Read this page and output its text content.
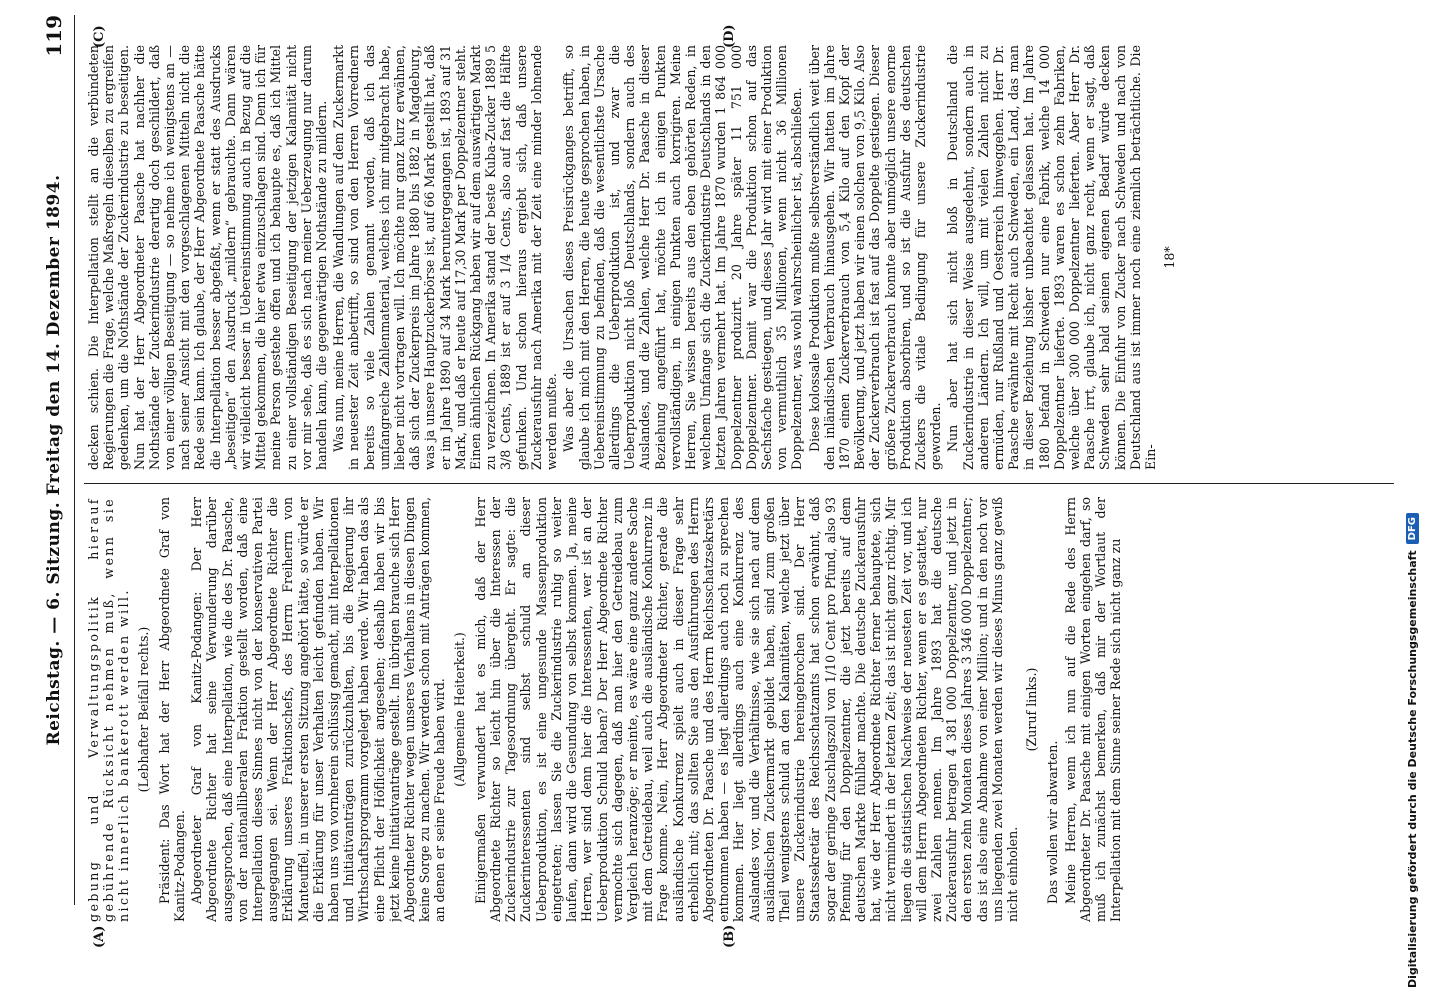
Reichstag. — 6. Sitzung. Freitag den 14. Dezember 1894.
119

gebung und Verwaltungspolitik hierauf gebührende Rücksicht nehmen muß, wenn sie nicht innerlich bankerott werden will. (Lebhafter Beifall rechts.) Präsident: Das Wort hat der Herr Abgeordnete Graf von Kanitz-Podangen. Abgeordneter Graf von Kanitz-Podangen: Der Herr Abgeordnete Richter hat seine Verwunderung darüber ausgesprochen, daß eine Interpellation, wie die des Dr. Paasche, von der nationalliberalen Fraktion gestellt worden, daß eine Interpellation dieses Sinnes nicht von der konservativen Partei ausgegangen sei. Wenn der Herr Abgeordnete Richter die Erklärung unseres Fraktionschefs, des Herrn Freiherrn von Manteuffel, in unserer ersten Sitzung angehört hätte, so würde er die Erklärung für unser Verhalten leicht gefunden haben. Wir haben uns von vornherein schlüssig gemacht, mit Interpellationen und Initiativanträgen zurückzuhalten, bis die Regierung ihr Wirthschaftsprogramm vorgelegt haben werde. Wir haben das als eine Pflicht der Höflichkeit angesehen; deshalb haben wir bis jetzt keine Initiativanträge gestellt. Im übrigen brauche sich Herr Abgeordneter Richter wegen unseres Verhaltens in diesen Dingen keine Sorge zu machen. Wir werden schon mit Anträgen kommen, an denen er seine Freude haben wird. (Allgemeine Heiterkeit.) Einigermaßen verwundert hat es mich, daß der Herr Abgeordnete Richter so leicht hin über die Interessen der Zuckerindustrie zur Tagesordnung übergeht. Er sagte: die Zuckerinteressenten sind selbst schuld an dieser Ueberproduktion, es ist eine ungesunde Massenproduktion eingetreten; lassen Sie die Zuckerindustrie ruhig so weiter laufen, dann wird die Gesundung von selbst kommen. Ja, meine Herren, wer sind denn hier die Interessenten, wer ist an der Ueberproduktion Schuld haben? Der Herr Abgeordnete Richter vermochte sich dagegen, daß man hier den Getreidebau zum Vergleich heranzöge; er meinte, es wäre eine ganz andere Sache mit dem Getreidebau, weil auch die ausländische Konkurrenz in Frage komme. Nein, Herr Abgeordneter Richter, gerade die ausländische Konkurrenz spielt auch in dieser Frage sehr erheblich mit; das sollten Sie aus den Ausführungen des Herrn Abgeordneten Dr. Paasche und des Herrn Reichsschatzsekretärs entnommen haben — es liegt allerdings auch noch zu sprechen kommen. Hier liegt allerdings auch eine Konkurrenz des Auslandes vor, und die Verhältnisse, wie sie sich nach auf dem ausländischen Zuckermarkt gebildet haben, sind zum großen Theil wenigstens schuld an den Kalamitäten, welche jetzt über unsere Zuckerindustrie hereingebrochen sind. Der Herr Staatssekretär des Reichsschatzamts hat schon erwähnt, daß sogar der geringe Zuschlagszoll von 1/10 Cent pro Pfund, also 93 Pfennig für den Doppelzentner, die jetzt bereits auf dem deutschen Markte fühlbar machte. Die deutsche Zuckerausfuhr hat, wie der Herr Abgeordnete Richter ferner behauptete, sich nicht vermindert in der letzten Zeit; das ist nicht ganz richtig. Mir liegen die statistischen Nachweise der neuesten Zeit vor, und ich will dem Herrn Abgeordneten Richter, wenn er es gestattet, nur zwei Zahlen nennen. Im Jahre 1893 hat die deutsche Zuckerausfuhr betragen 4 381 000 Doppelzentner, und jetzt in den ersten zehn Monaten dieses Jahres 3 346 000 Doppelzentner; das ist also eine Abnahme von einer Million; und in den noch vor uns liegenden zwei Monaten werden wir dieses Minus ganz gewiß nicht einholen.

(Zuruf links.)

Das wollen wir abwarten. Meine Herren, wenn ich nun auf die Rede des Herrn Abgeordneter Dr. Paasche mit einigen Worten eingehen darf, so muß ich zunächst bemerken, daß mir der Wortlaut der Interpellation mit dem Sinne seiner Rede sich nicht ganz zu

decken schien. Die Interpellation stellt an die verbündeten Regierungen die Frage, welche Maßregeln dieselben zu ergreifen gedenken, um die Nothstände der Zuckerindustrie zu beseitigen. Nun hat der Herr Abgeordneter Paasche hat nachher die Nothstände der Zuckerindustrie derartig doch geschildert, daß von einer völligen Beseitigung — so nehme ich wenigstens an — nach seiner Ansicht mit den vorgeschlagenen Mitteln nicht die Rede sein kann. Ich glaube, der Herr Abgeordnete Paasche hätte die Interpellation besser abgefaßt, wenn er statt des Ausdrucks „beseitigen“ den Ausdruck „mildern“ gebrauchte. Dann wären wir vielleicht besser in Uebereinstimmung auch in Bezug auf die Mittel gekommen, die hier etwa einzuschlagen sind. Denn ich für meine Person gestehe offen und ich behaupte es, daß ich Mittel zu einer vollständigen Beseitigung der jetzigen Kalamität nicht vor mir sehe, daß es sich nach meiner Ueberzeugung nur darum handeln kann, die gegenwärtigen Nothstände zu mildern. Was nun, meine Herren, die Wandlungen auf dem Zuckermarkt in neuester Zeit anbetrifft, so sind von den Herren Vorrednern bereits so viele Zahlen genannt worden, daß ich das umfangreiche Zahlenmaterial, welches ich mir mitgebracht habe, lieber nicht vortragen will. Ich möchte nur ganz kurz erwähnen, daß sich der Zuckerpreis im Jahre 1880 bis 1882 in Magdeburg, was ja unsere Hauptzuckerbörse ist, auf 66 Mark gestellt hat, daß er im Jahre 1890 auf 34 Mark heruntergegangen ist, 1893 auf 31 Mark, und daß er heute auf 17,30 Mark per Doppelzentner steht. Einen ähnlichen Rückgang haben wir auf dem auswärtigen Markt zu verzeichnen. In Amerika stand der beste Kuba-Zucker 1889 5 3/8 Cents, 1889 ist er auf 3 1/4 Cents, also auf fast die Hälfte gefunken. Und schon hieraus ergiebt sich, daß unsere Zuckerausfuhr nach Amerika mit der Zeit eine minder lohnende werden mußte. Was aber die Ursachen dieses Preisrückganges betrifft, so glaube ich mich mit den Herren, die heute gesprochen haben, in Uebereinstimmung zu befinden, daß die wesentlichste Ursache allerdings die Ueberproduktion ist, und zwar die Ueberproduktion nicht bloß Deutschlands, sondern auch des Auslandes, und die Zahlen, welche Herr Dr. Paasche in dieser Beziehung angeführt hat, möchte ich in einigen Punkten vervollständigen, in einigen Punkten auch korrigiren. Meine Herren, Sie wissen bereits aus den eben gehörten Reden, in welchem Umfange sich die Zuckerindustrie Deutschlands in den letzten Jahren vermehrt hat. Im Jahre 1870 wurden 1 864 000 Doppelzentner produzirt. 20 Jahre später 11 751 000 Doppelzentner. Damit war die Produktion schon auf das Sechsfache gestiegen, und dieses Jahr wird mit einer Produktion von vermuthlich 35 Millionen, wenn nicht 36 Millionen Doppelzentner, was wohl wahrscheinlicher ist, abschließen. Diese kolossale Produktion mußte selbstverständlich weit über den inländischen Verbrauch hinausgehen. Wir hatten im Jahre 1870 einen Zuckerverbrauch von 5,4 Kilo auf den Kopf der Bevölkerung, und jetzt haben wir einen solchen von 9,5 Kilo. Also der Zuckerverbrauch ist fast auf das Doppelte gestiegen. Dieser größere Zuckerverbrauch konnte aber unmöglich unsere enorme Produktion absorbiren, und so ist die Ausfuhr des deutschen Zuckers die vitale Bedingung für unsere Zuckerindustrie geworden. Nun aber hat sich nicht bloß in Deutschland die Zuckerindustrie in dieser Weise ausgedehnt, sondern auch in anderen Ländern. Ich will, um mit vielen Zahlen nicht zu ermüden, nur Rußland und Oesterreich hinweggehen. Herr Dr. Paasche erwähnte mit Recht auch Schweden, ein Land, das man in dieser Beziehung bisher unbeachtet gelassen hat. Im Jahre 1880 befand in Schweden nur eine Fabrik, welche 14 000 Doppelzentner lieferte. 1893 waren es schon zehn Fabriken, welche über 300 000 Doppelzentner lieferten. Aber Herr Dr. Paasche irrt, glaube ich, nicht ganz recht, wenn er sagt, daß Schweden sehr bald seinen eigenen Bedarf würde decken können. Die Einfuhr von Zucker nach Schweden und nach von Deutschland aus ist immer noch eine ziemlich beträchtliche. Die Ein-

18*

(A)	(B)
(C)	(D)
Digitalisierung gefördert durch die Deutsche Forschungsgemeinschaft
DFG
